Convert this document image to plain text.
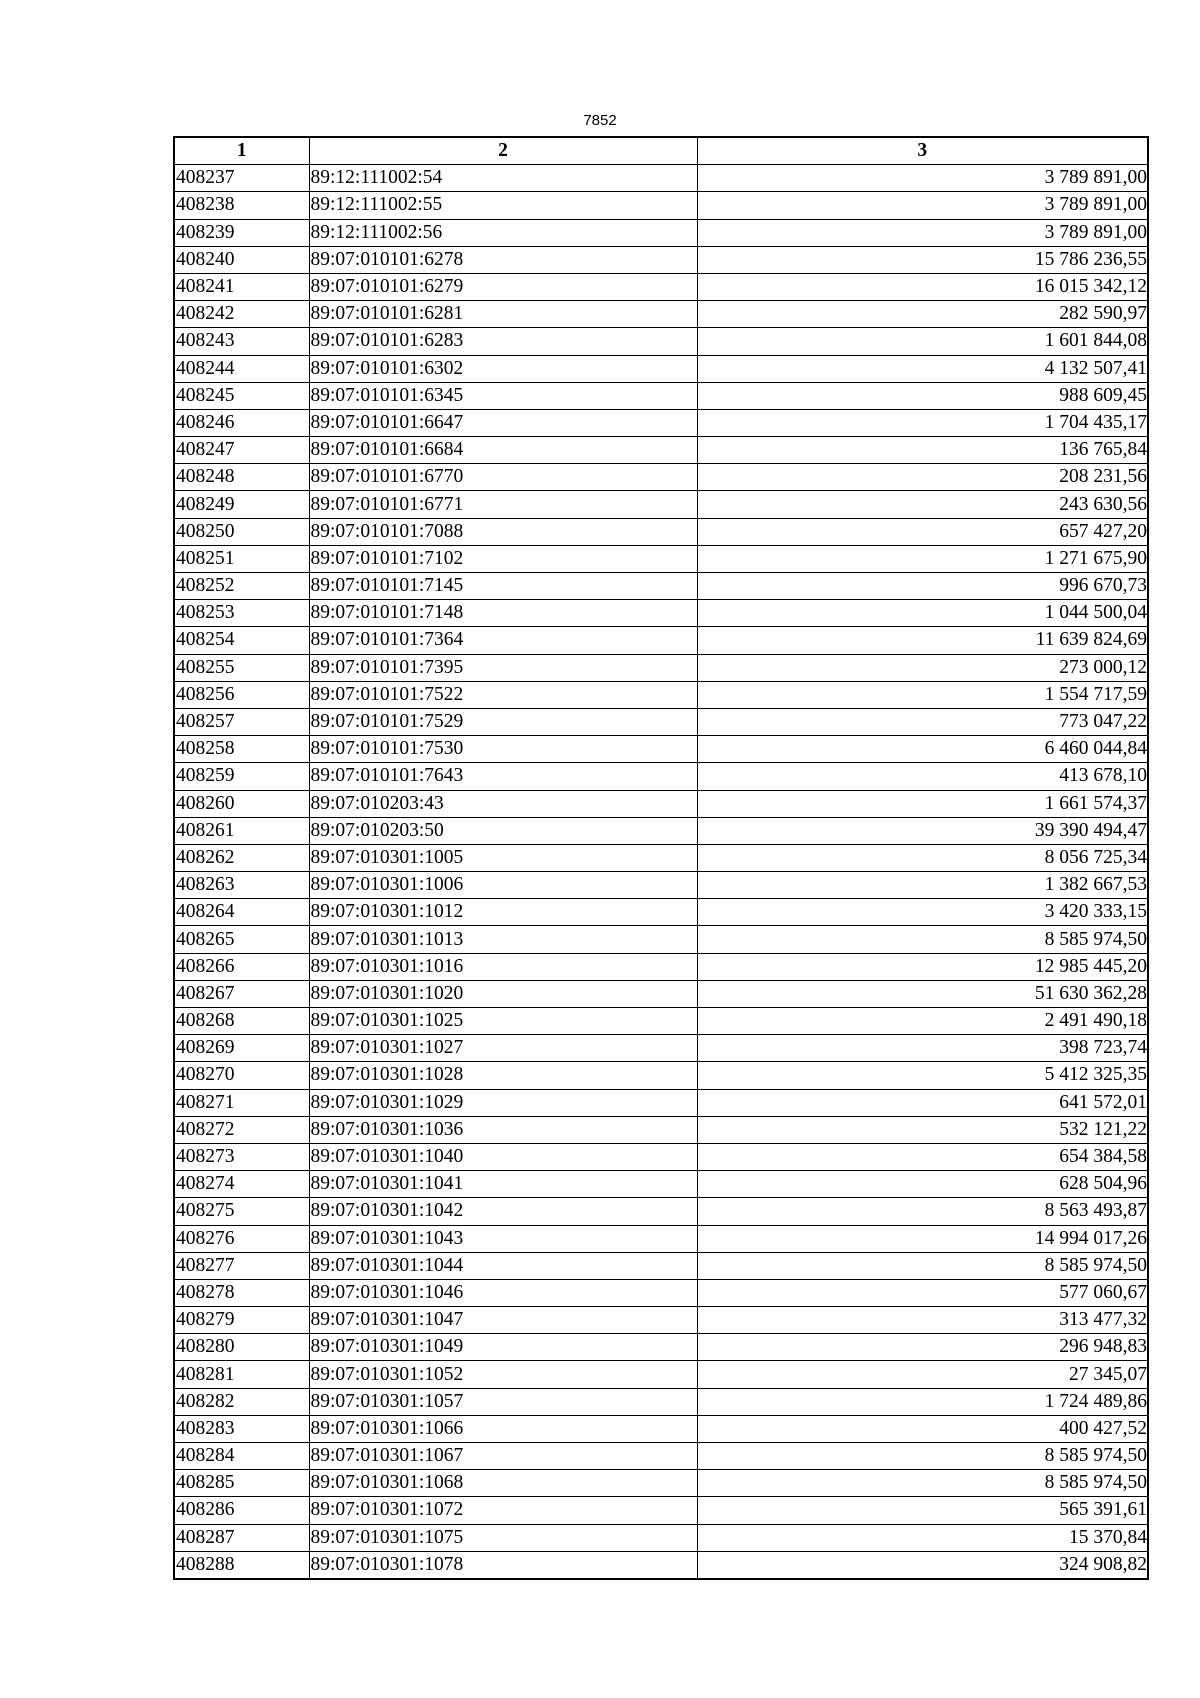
7852
1	2	3
408237	89:12:111002:54	3 789 891,00
408238	89:12:111002:55	3 789 891,00
408239	89:12:111002:56	3 789 891,00
408240	89:07:010101:6278	15 786 236,55
408241	89:07:010101:6279	16 015 342,12
408242	89:07:010101:6281	282 590,97
408243	89:07:010101:6283	1 601 844,08
408244	89:07:010101:6302	4 132 507,41
408245	89:07:010101:6345	988 609,45
408246	89:07:010101:6647	1 704 435,17
408247	89:07:010101:6684	136 765,84
408248	89:07:010101:6770	208 231,56
408249	89:07:010101:6771	243 630,56
408250	89:07:010101:7088	657 427,20
408251	89:07:010101:7102	1 271 675,90
408252	89:07:010101:7145	996 670,73
408253	89:07:010101:7148	1 044 500,04
408254	89:07:010101:7364	11 639 824,69
408255	89:07:010101:7395	273 000,12
408256	89:07:010101:7522	1 554 717,59
408257	89:07:010101:7529	773 047,22
408258	89:07:010101:7530	6 460 044,84
408259	89:07:010101:7643	413 678,10
408260	89:07:010203:43	1 661 574,37
408261	89:07:010203:50	39 390 494,47
408262	89:07:010301:1005	8 056 725,34
408263	89:07:010301:1006	1 382 667,53
408264	89:07:010301:1012	3 420 333,15
408265	89:07:010301:1013	8 585 974,50
408266	89:07:010301:1016	12 985 445,20
408267	89:07:010301:1020	51 630 362,28
408268	89:07:010301:1025	2 491 490,18
408269	89:07:010301:1027	398 723,74
408270	89:07:010301:1028	5 412 325,35
408271	89:07:010301:1029	641 572,01
408272	89:07:010301:1036	532 121,22
408273	89:07:010301:1040	654 384,58
408274	89:07:010301:1041	628 504,96
408275	89:07:010301:1042	8 563 493,87
408276	89:07:010301:1043	14 994 017,26
408277	89:07:010301:1044	8 585 974,50
408278	89:07:010301:1046	577 060,67
408279	89:07:010301:1047	313 477,32
408280	89:07:010301:1049	296 948,83
408281	89:07:010301:1052	27 345,07
408282	89:07:010301:1057	1 724 489,86
408283	89:07:010301:1066	400 427,52
408284	89:07:010301:1067	8 585 974,50
408285	89:07:010301:1068	8 585 974,50
408286	89:07:010301:1072	565 391,61
408287	89:07:010301:1075	15 370,84
408288	89:07:010301:1078	324 908,82
